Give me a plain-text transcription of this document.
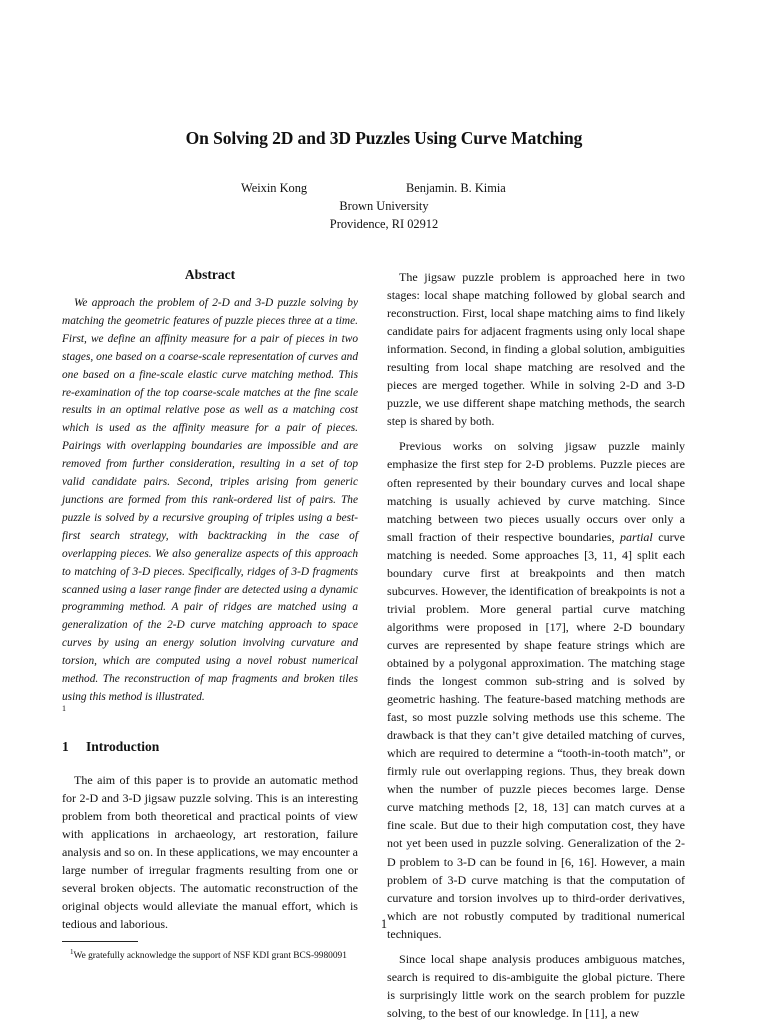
On Solving 2D and 3D Puzzles Using Curve Matching
Weixin Kong	Benjamin. B. Kimia
Brown University
Providence, RI 02912
Abstract
We approach the problem of 2-D and 3-D puzzle solving by matching the geometric features of puzzle pieces three at a time. First, we define an affinity measure for a pair of pieces in two stages, one based on a coarse-scale representation of curves and one based on a fine-scale elastic curve matching method. This re-examination of the top coarse-scale matches at the fine scale results in an optimal relative pose as well as a matching cost which is used as the affinity measure for a pair of pieces. Pairings with overlapping boundaries are impossible and are removed from further consideration, resulting in a set of top valid candidate pairs. Second, triples arising from generic junctions are formed from this rank-ordered list of pairs. The puzzle is solved by a recursive grouping of triples using a best-first search strategy, with backtracking in the case of overlapping pieces. We also generalize aspects of this approach to matching of 3-D pieces. Specifically, ridges of 3-D fragments scanned using a laser range finder are detected using a dynamic programming method. A pair of ridges are matched using a generalization of the 2-D curve matching approach to space curves by using an energy solution involving curvature and torsion, which are computed using a novel robust numerical method. The reconstruction of map fragments and broken tiles using this method is illustrated.
1
1 Introduction

The aim of this paper is to provide an automatic method for 2-D and 3-D jigsaw puzzle solving. This is an interesting problem from both theoretical and practical points of view with applications in archaeology, art restoration, failure analysis and so on. In these applications, we may encounter a large number of irregular fragments resulting from one or several broken objects. The automatic reconstruction of the original objects would alleviate the manual effort, which is tedious and laborious.

$^1$We gratefully acknowledge the support of NSF KDI grant BCS-9980091

The jigsaw puzzle problem is approached here in two stages: local shape matching followed by global search and reconstruction. First, local shape matching aims to find likely candidate pairs for adjacent fragments using only local shape information. Second, in finding a global solution, ambiguities resulting from local shape matching are resolved and the pieces are merged together. While in solving 2-D and 3-D puzzle, we use different shape matching methods, the search step is shared by both.

Previous works on solving jigsaw puzzle mainly emphasize the first step for 2-D problems. Puzzle pieces are often represented by their boundary curves and local shape matching is usually achieved by curve matching. Since matching between two pieces usually occurs over only a small fraction of their respective boundaries, partial curve matching is needed. Some approaches [3, 11, 4] split each boundary curve first at breakpoints and then match subcurves. However, the identification of breakpoints is not a trivial problem. More general partial curve matching algorithms were proposed in [17], where 2-D boundary curves are represented by shape feature strings which are obtained by a polygonal approximation. The matching stage finds the longest common sub-string and is solved by geometric hashing. The feature-based matching methods are fast, so most puzzle solving methods use this scheme. The drawback is that they can’t give detailed matching of curves, which are required to determine a “tooth-in-tooth match”, or firmly rule out overlapping regions. Thus, they break down when the number of puzzle pieces becomes large. Dense curve matching methods [2, 18, 13] can match curves at a fine scale. But due to their high computation cost, they have not yet been used in puzzle solving. Generalization of the 2-D problem to 3-D can be found in [6, 16]. However, a main problem of 3-D curve matching is that the computation of curvature and torsion involves up to third-order derivatives, which are not robustly computed by traditional numerical techniques.

Since local shape analysis produces ambiguous matches, search is required to dis-ambiguite the global picture. There is surprisingly little work on the search problem for puzzle solving, to the best of our knowledge. In [11], a new

1
